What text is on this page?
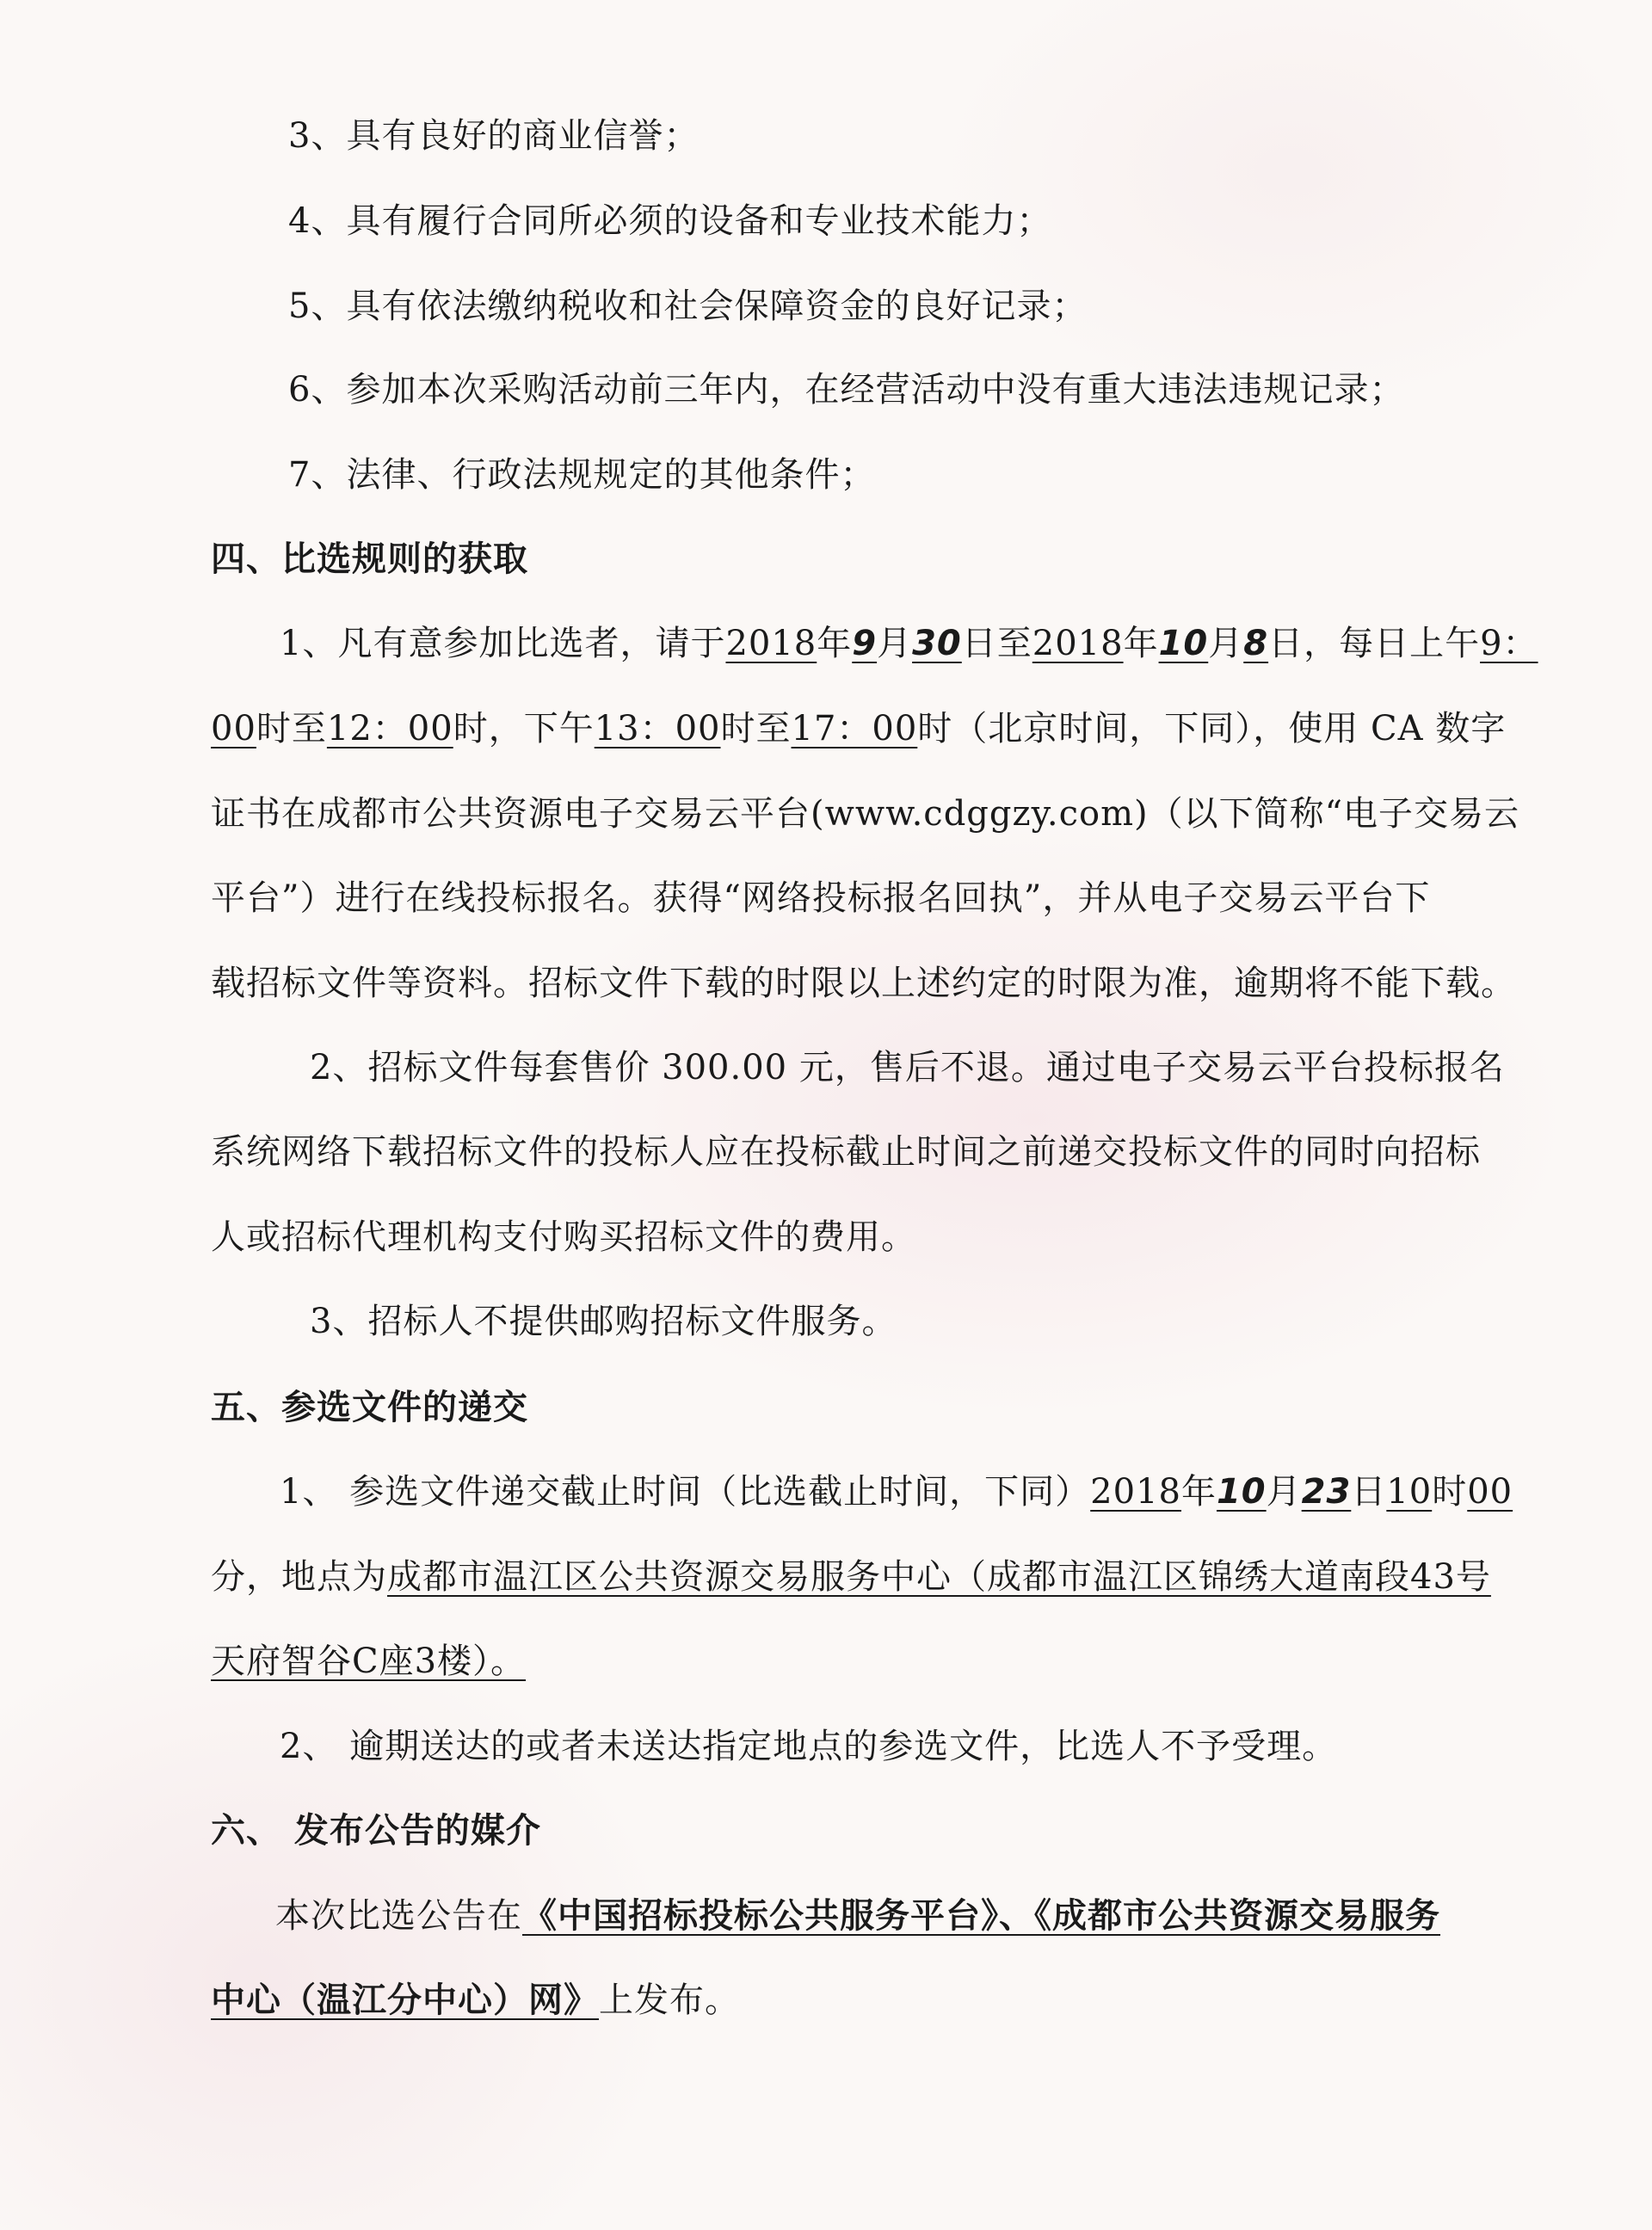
3、具有良好的商业信誉；
4、具有履行合同所必须的设备和专业技术能力；
5、具有依法缴纳税收和社会保障资金的良好记录；
6、参加本次采购活动前三年内，在经营活动中没有重大违法违规记录；
7、法律、行政法规规定的其他条件；
四、比选规则的获取
1、凡有意参加比选者，请于2018年9月30日至2018年10月8日，每日上午9：
00时至12：00时，下午13：00时至17：00时（北京时间，下同），使用 CA 数字
证书在成都市公共资源电子交易云平台(www.cdggzy.com)（以下简称“电子交易云
平台”）进行在线投标报名。获得“网络投标报名回执”，并从电子交易云平台下
载招标文件等资料。招标文件下载的时限以上述约定的时限为准，逾期将不能下载。
2、招标文件每套售价 300.00 元，售后不退。通过电子交易云平台投标报名
系统网络下载招标文件的投标人应在投标截止时间之前递交投标文件的同时向招标
人或招标代理机构支付购买招标文件的费用。
3、招标人不提供邮购招标文件服务。
五、参选文件的递交
1、 参选文件递交截止时间（比选截止时间，下同）2018年10月23日10时00
分，地点为成都市温江区公共资源交易服务中心（成都市温江区锦绣大道南段43号
天府智谷C座3楼）。
2、 逾期送达的或者未送达指定地点的参选文件，比选人不予受理。
六、 发布公告的媒介
本次比选公告在《中国招标投标公共服务平台》、《成都市公共资源交易服务
中心（温江分中心）网》上发布。
